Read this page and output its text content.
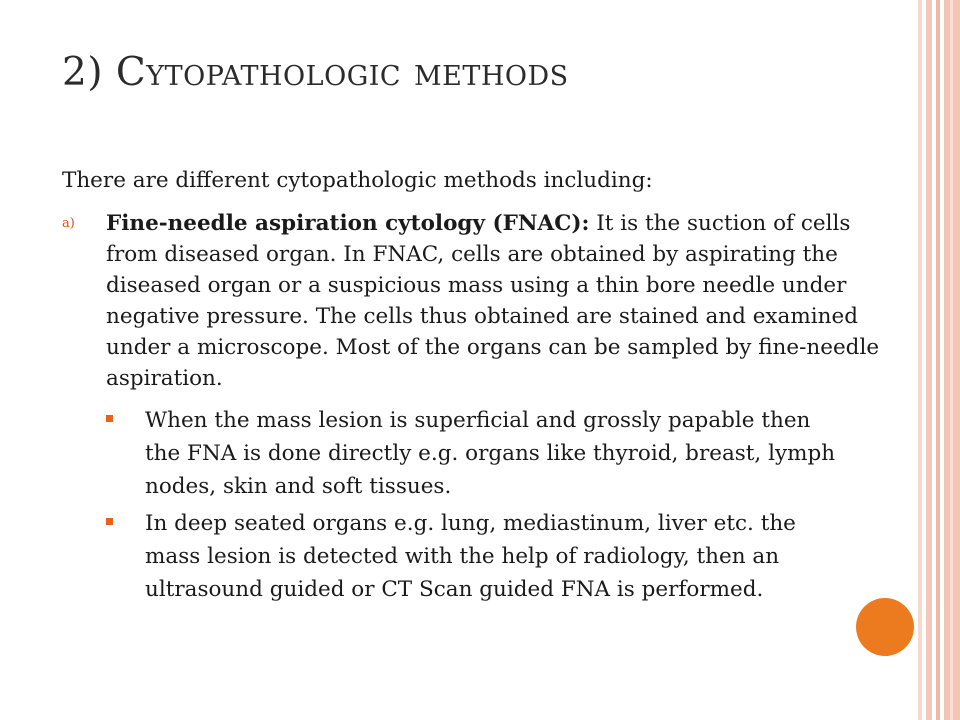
2) Cytopathologic methods
There are different cytopathologic methods including:
a) Fine-needle aspiration cytology (FNAC): It is the suction of cells from diseased organ. In FNAC, cells are obtained by aspirating the diseased organ or a suspicious mass using a thin bore needle under negative pressure. The cells thus obtained are stained and examined under a microscope. Most of the organs can be sampled by fine-needle aspiration.
When the mass lesion is superficial and grossly papable then the FNA is done directly e.g. organs like thyroid, breast, lymph nodes, skin and soft tissues.
In deep seated organs e.g. lung, mediastinum, liver etc. the mass lesion is detected with the help of radiology, then an ultrasound guided or CT Scan guided FNA is performed.
